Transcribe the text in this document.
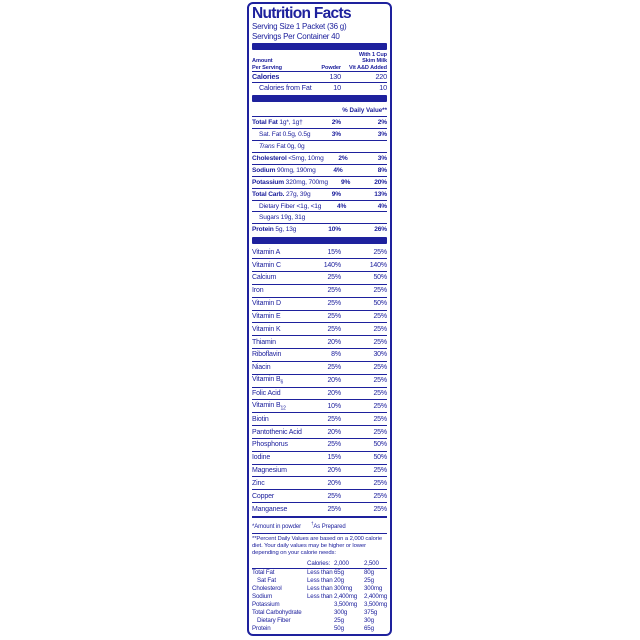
Nutrition Facts
Serving Size 1 Packet (36 g)
Servings Per Container 40
Amount
Per Serving	Powder
With 1 Cup
Skim Milk
Vit A&D Added
Calories	130	220
Calories from Fat	10	10
% Daily Value**
Total Fat 1g*, 1g†	2%	2%
Sat. Fat 0.5g, 0.5g	3%	3%
Trans Fat 0g, 0g
Cholesterol <5mg, 10mg	2%	3%
Sodium 90mg, 190mg	4%	8%
Potassium 320mg, 700mg	9%	20%
Total Carb. 27g, 39g	9%	13%
Dietary Fiber <1g, <1g	4%	4%
Sugars 19g, 31g
Protein 5g, 13g	10%	26%
Vitamin A	15%	25%
Vitamin C	140%	140%
Calcium	25%	50%
Iron	25%	25%
Vitamin D	25%	50%
Vitamin E	25%	25%
Vitamin K	25%	25%
Thiamin	20%	25%
Riboflavin	8%	30%
Niacin	25%	25%
Vitamin $B_6$	20%	25%
Folic Acid	20%	25%
Vitamin $B_{12}$	10%	25%
Biotin	25%	25%
Pantothenic Acid	20%	25%
Phosphorus	25%	50%
Iodine	15%	50%
Magnesium	20%	25%
Zinc	20%	25%
Copper	25%	25%
Manganese	25%	25%
*Amount in powder†As Prepared
**Percent Daily Values are based on a 2,000 calorie diet. Your daily values may be higher or lower depending on your calorie needs:
Calories: 2,000	2,500
Total Fat	Less than 65g	80g
Sat Fat	Less than 20g	25g
Cholesterol	Less than 300mg	300mg
Sodium	Less than 2,400mg	2,400mg
Potassium	3,500mg	3,500mg
Total Carbohydrate	300g	375g
Dietary Fiber	25g	30g
Protein	50g	65g
